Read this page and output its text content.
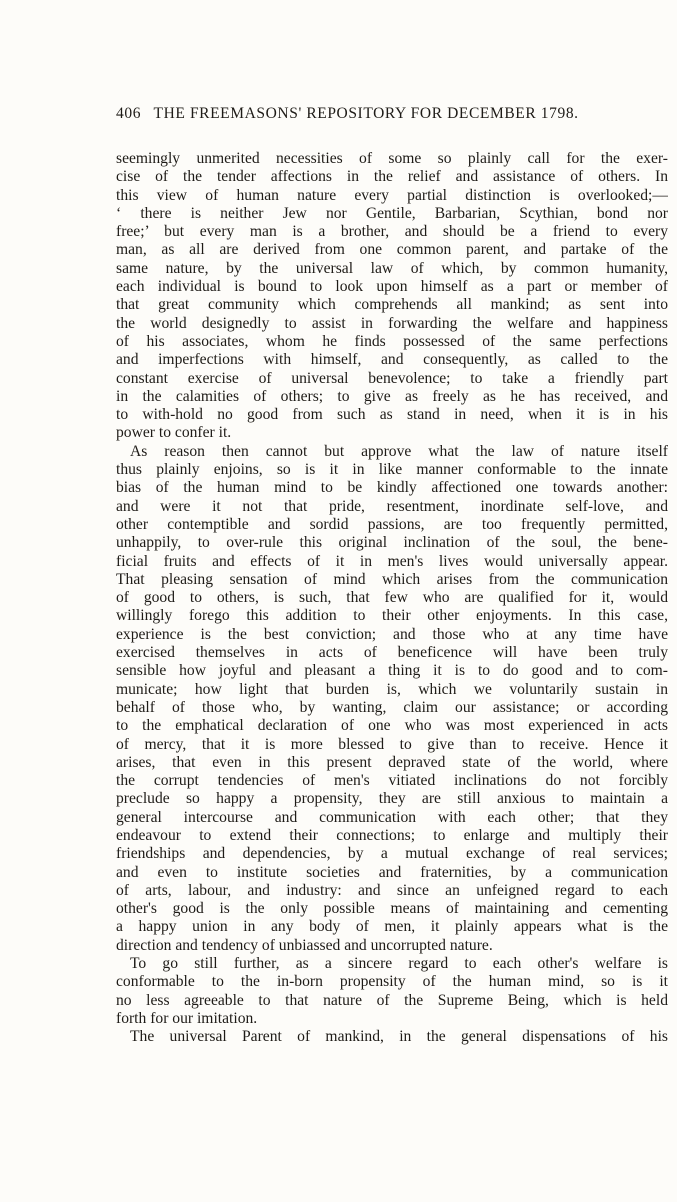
406 THE FREEMASONS' REPOSITORY FOR DECEMBER 1798.
seemingly unmerited necessities of some so plainly call for the exer-
cise of the tender affections in the relief and assistance of others. In
this view of human nature every partial distinction is overlooked;—
‘ there is neither Jew nor Gentile, Barbarian, Scythian, bond nor
free;’ but every man is a brother, and should be a friend to every
man, as all are derived from one common parent, and partake of the
same nature, by the universal law of which, by common humanity,
each individual is bound to look upon himself as a part or member of
that great community which comprehends all mankind; as sent into
the world designedly to assist in forwarding the welfare and happiness
of his associates, whom he finds possessed of the same perfections
and imperfections with himself, and consequently, as called to the
constant exercise of universal benevolence; to take a friendly part
in the calamities of others; to give as freely as he has received, and
to with-hold no good from such as stand in need, when it is in his
power to confer it.
As reason then cannot but approve what the law of nature itself
thus plainly enjoins, so is it in like manner conformable to the innate
bias of the human mind to be kindly affectioned one towards another:
and were it not that pride, resentment, inordinate self-love, and
other contemptible and sordid passions, are too frequently permitted,
unhappily, to over-rule this original inclination of the soul, the bene-
ficial fruits and effects of it in men's lives would universally appear.
That pleasing sensation of mind which arises from the communication
of good to others, is such, that few who are qualified for it, would
willingly forego this addition to their other enjoyments. In this case,
experience is the best conviction; and those who at any time have
exercised themselves in acts of beneficence will have been truly
sensible how joyful and pleasant a thing it is to do good and to com-
municate; how light that burden is, which we voluntarily sustain in
behalf of those who, by wanting, claim our assistance; or according
to the emphatical declaration of one who was most experienced in acts
of mercy, that it is more blessed to give than to receive. Hence it
arises, that even in this present depraved state of the world, where
the corrupt tendencies of men's vitiated inclinations do not forcibly
preclude so happy a propensity, they are still anxious to maintain a
general intercourse and communication with each other; that they
endeavour to extend their connections; to enlarge and multiply their
friendships and dependencies, by a mutual exchange of real services;
and even to institute societies and fraternities, by a communication
of arts, labour, and industry: and since an unfeigned regard to each
other's good is the only possible means of maintaining and cementing
a happy union in any body of men, it plainly appears what is the
direction and tendency of unbiassed and uncorrupted nature.
To go still further, as a sincere regard to each other's welfare is
conformable to the in-born propensity of the human mind, so is it
no less agreeable to that nature of the Supreme Being, which is held
forth for our imitation.
The universal Parent of mankind, in the general dispensations of his
